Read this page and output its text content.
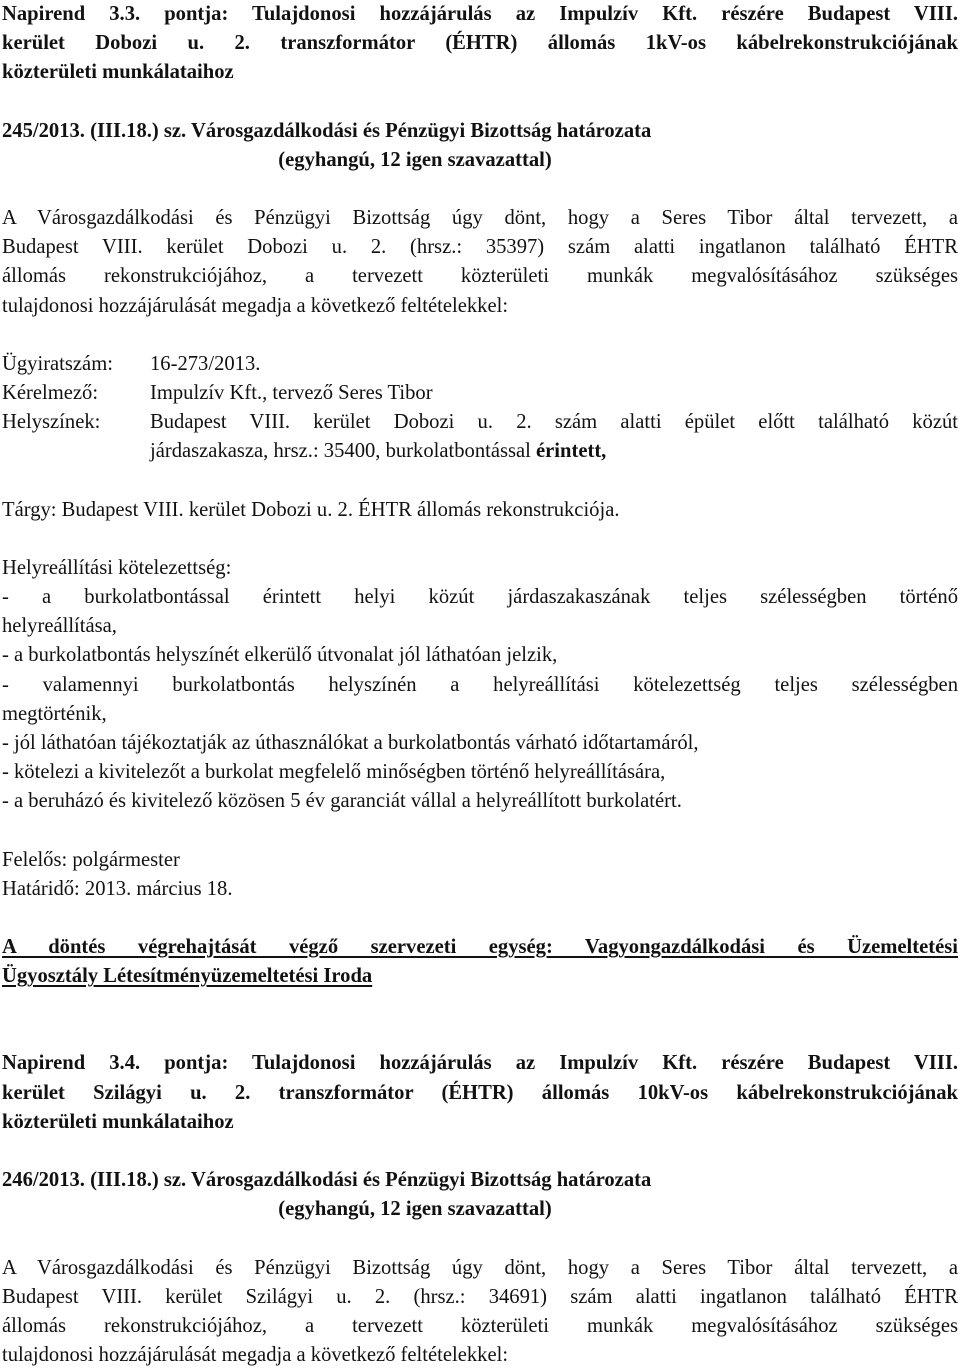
Napirend 3.3. pontja: Tulajdonosi hozzájárulás az Impulzív Kft. részére Budapest VIII.

kerület Dobozi u. 2. transzformátor (ÉHTR) állomás 1kV-os kábelrekonstrukciójának

közterületi munkálataihoz

245/2013. (III.18.) sz. Városgazdálkodási és Pénzügyi Bizottság határozata

(egyhangú, 12 igen szavazattal)

A Városgazdálkodási és Pénzügyi Bizottság úgy dönt, hogy a Seres Tibor által tervezett, a

Budapest VIII. kerület Dobozi u. 2. (hrsz.: 35397) szám alatti ingatlanon található ÉHTR

állomás rekonstrukciójához, a tervezett közterületi munkák megvalósításához szükséges

tulajdonosi hozzájárulását megadja a következő feltételekkel:

Ügyiratszám:	16-273/2013.
Kérelmező:	Impulzív Kft., tervező Seres Tibor
Helyszínek:	Budapest VIII. kerület Dobozi u. 2. szám alatti épület előtt található közút
járdaszakasza, hrsz.: 35400, burkolatbontással érintett,

Tárgy: Budapest VIII. kerület Dobozi u. 2. ÉHTR állomás rekonstrukciója.

Helyreállítási kötelezettség:

- a burkolatbontással érintett helyi közút járdaszakaszának teljes szélességben történő

helyreállítása,

- a burkolatbontás helyszínét elkerülő útvonalat jól láthatóan jelzik,

- valamennyi burkolatbontás helyszínén a helyreállítási kötelezettség teljes szélességben

megtörténik,

- jól láthatóan tájékoztatják az úthasználókat a burkolatbontás várható időtartamáról,

- kötelezi a kivitelezőt a burkolat megfelelő minőségben történő helyreállítására,

- a beruházó és kivitelező közösen 5 év garanciát vállal a helyreállított burkolatért.

Felelős: polgármester

Határidő: 2013. március 18.

A döntés végrehajtását végző szervezeti egység: Vagyongazdálkodási és Üzemeltetési

Ügyosztály Létesítményüzemeltetési Iroda

Napirend 3.4. pontja: Tulajdonosi hozzájárulás az Impulzív Kft. részére Budapest VIII.

kerület Szilágyi u. 2. transzformátor (ÉHTR) állomás 10kV-os kábelrekonstrukciójának

közterületi munkálataihoz

246/2013. (III.18.) sz. Városgazdálkodási és Pénzügyi Bizottság határozata

(egyhangú, 12 igen szavazattal)

A Városgazdálkodási és Pénzügyi Bizottság úgy dönt, hogy a Seres Tibor által tervezett, a

Budapest VIII. kerület Szilágyi u. 2. (hrsz.: 34691) szám alatti ingatlanon található ÉHTR

állomás rekonstrukciójához, a tervezett közterületi munkák megvalósításához szükséges

tulajdonosi hozzájárulását megadja a következő feltételekkel:
